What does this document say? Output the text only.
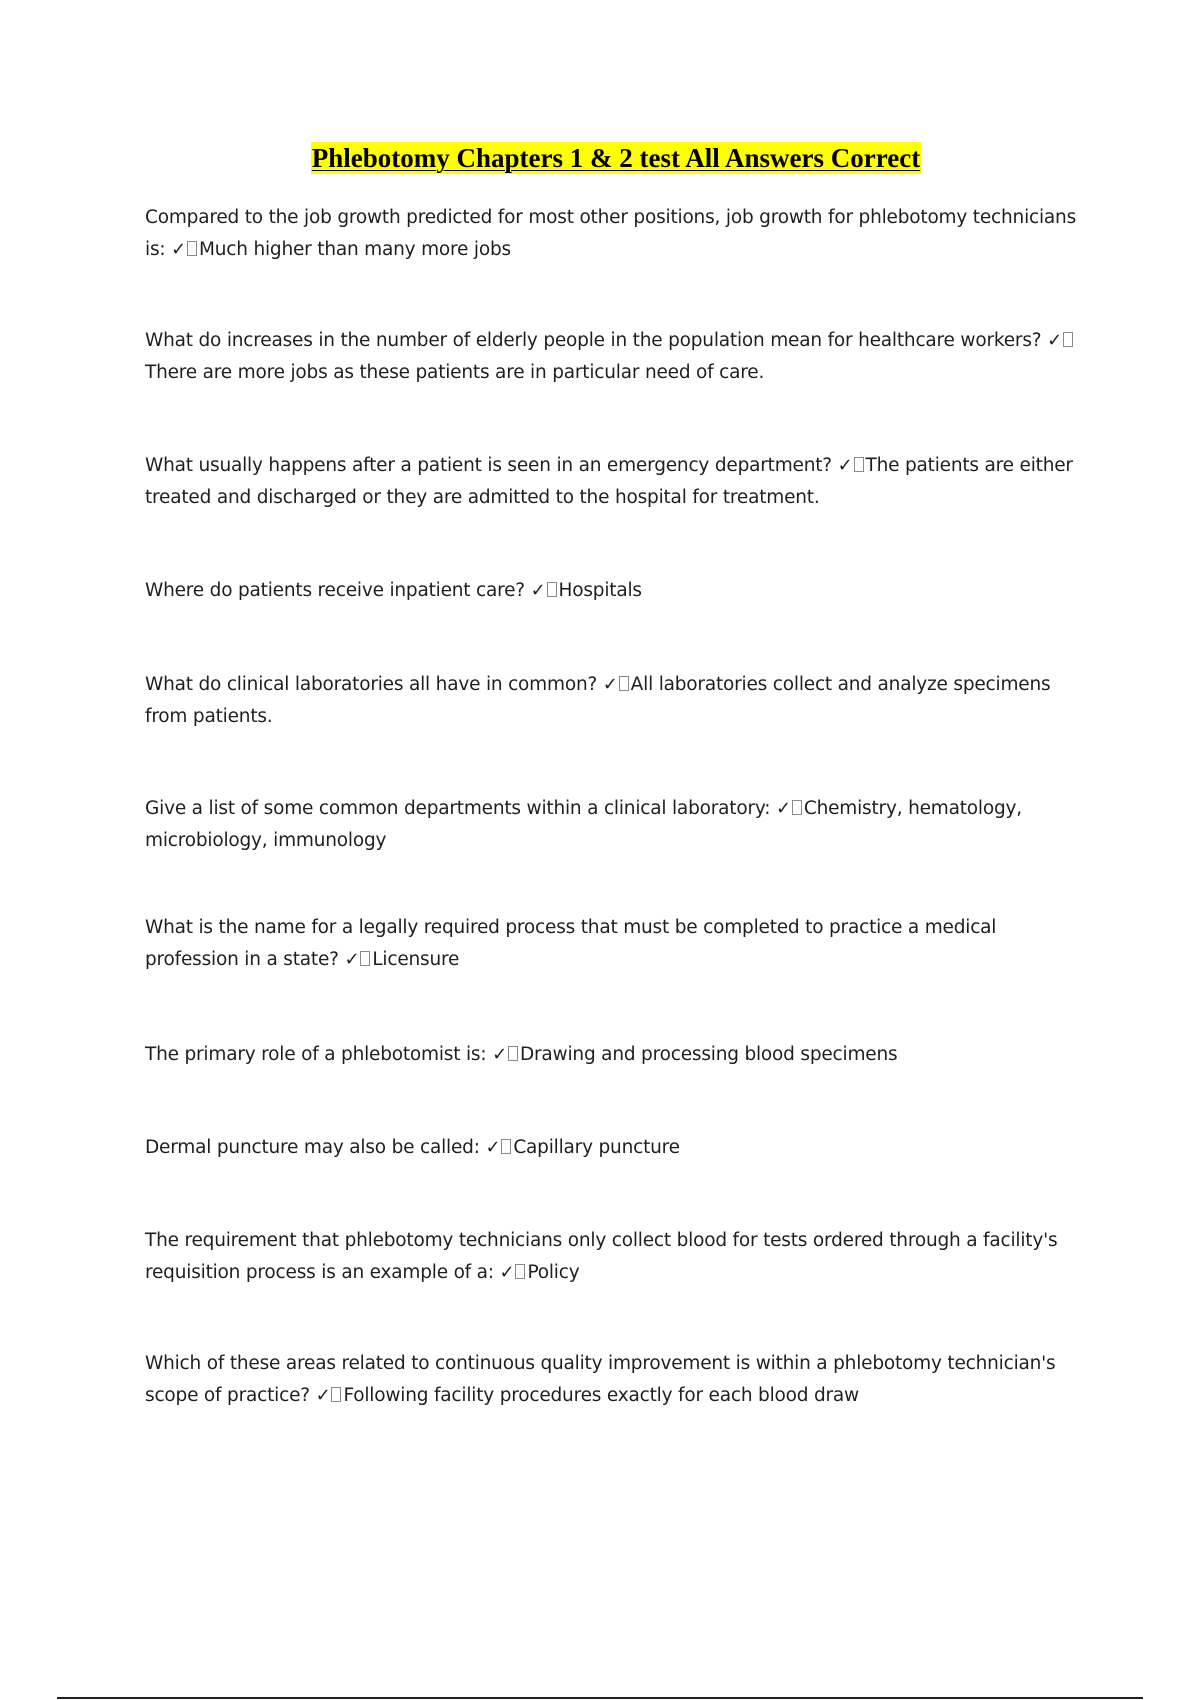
Phlebotomy Chapters 1 & 2 test All Answers Correct

Compared to the job growth predicted for most other positions, job growth for phlebotomy technicians is: ✓ Much higher than many more jobs

What do increases in the number of elderly people in the population mean for healthcare workers? ✓There are more jobs as these patients are in particular need of care.

What usually happens after a patient is seen in an emergency department? ✓ The patients are either treated and discharged or they are admitted to the hospital for treatment.

Where do patients receive inpatient care? ✓ Hospitals

What do clinical laboratories all have in common? ✓ All laboratories collect and analyze specimens from patients.

Give a list of some common departments within a clinical laboratory: ✓ Chemistry, hematology, microbiology, immunology

What is the name for a legally required process that must be completed to practice a medical profession in a state? ✓ Licensure

The primary role of a phlebotomist is: ✓ Drawing and processing blood specimens

Dermal puncture may also be called: ✓ Capillary puncture

The requirement that phlebotomy technicians only collect blood for tests ordered through a facility's requisition process is an example of a: ✓ Policy

Which of these areas related to continuous quality improvement is within a phlebotomy technician's scope of practice? ✓ Following facility procedures exactly for each blood draw
